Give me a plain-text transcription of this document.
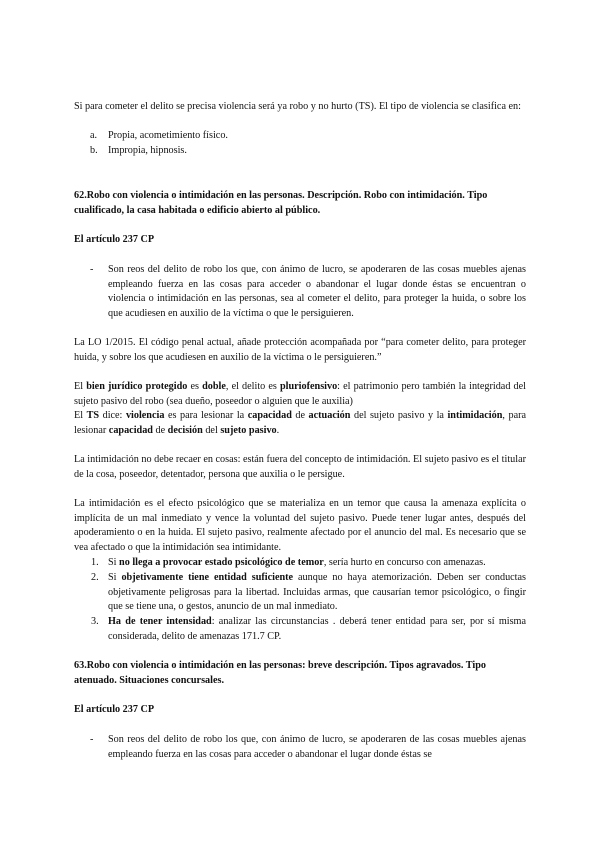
Si para cometer el delito se precisa violencia será ya robo y no hurto (TS). El tipo de violencia se clasifica en:

a. Propia, acometimiento físico.

b. Impropia, hipnosis.

62.Robo con violencia o intimidación en las personas. Descripción. Robo con intimidación. Tipo cualificado, la casa habitada o edificio abierto al público.

El artículo 237 CP

- Son reos del delito de robo los que, con ánimo de lucro, se apoderaren de las cosas muebles ajenas empleando fuerza en las cosas para acceder o abandonar el lugar donde éstas se encuentran o violencia o intimidación en las personas, sea al cometer el delito, para proteger la huida, o sobre los que acudiesen en auxilio de la víctima o que le persiguieren.

La LO 1/2015. El código penal actual, añade protección acompañada por “para cometer delito, para proteger huida, y sobre los que acudiesen en auxilio de la víctima o le persiguieren.”

El bien jurídico protegido es doble, el delito es pluriofensivo: el patrimonio pero también la integridad del sujeto pasivo del robo (sea dueño, poseedor o alguien que le auxilia)

El TS dice: violencia es para lesionar la capacidad de actuación del sujeto pasivo y la intimidación, para lesionar capacidad de decisión del sujeto pasivo.

La intimidación no debe recaer en cosas: están fuera del concepto de intimidación. El sujeto pasivo es el titular de la cosa, poseedor, detentador, persona que auxilia o le persigue.

La intimidación es el efecto psicológico que se materializa en un temor que causa la amenaza explícita o implícita de un mal inmediato y vence la voluntad del sujeto pasivo. Puede tener lugar antes, después del apoderamiento o en la huida. El sujeto pasivo, realmente afectado por el anuncio del mal. Es necesario que se vea afectado o que la intimidación sea intimidante.

1. Si no llega a provocar estado psicológico de temor, sería hurto en concurso con amenazas.

2. Si objetivamente tiene entidad suficiente aunque no haya atemorización. Deben ser conductas objetivamente peligrosas para la libertad. Incluidas armas, que causarían temor psicológico, o fingir que se tiene una, o gestos, anuncio de un mal inmediato.

3. Ha de tener intensidad: analizar las circunstancias . deberá tener entidad para ser, por sí misma considerada, delito de amenazas 171.7 CP.

63.Robo con violencia o intimidación en las personas: breve descripción. Tipos agravados. Tipo atenuado. Situaciones concursales.

El artículo 237 CP

- Son reos del delito de robo los que, con ánimo de lucro, se apoderaren de las cosas muebles ajenas empleando fuerza en las cosas para acceder o abandonar el lugar donde éstas se
